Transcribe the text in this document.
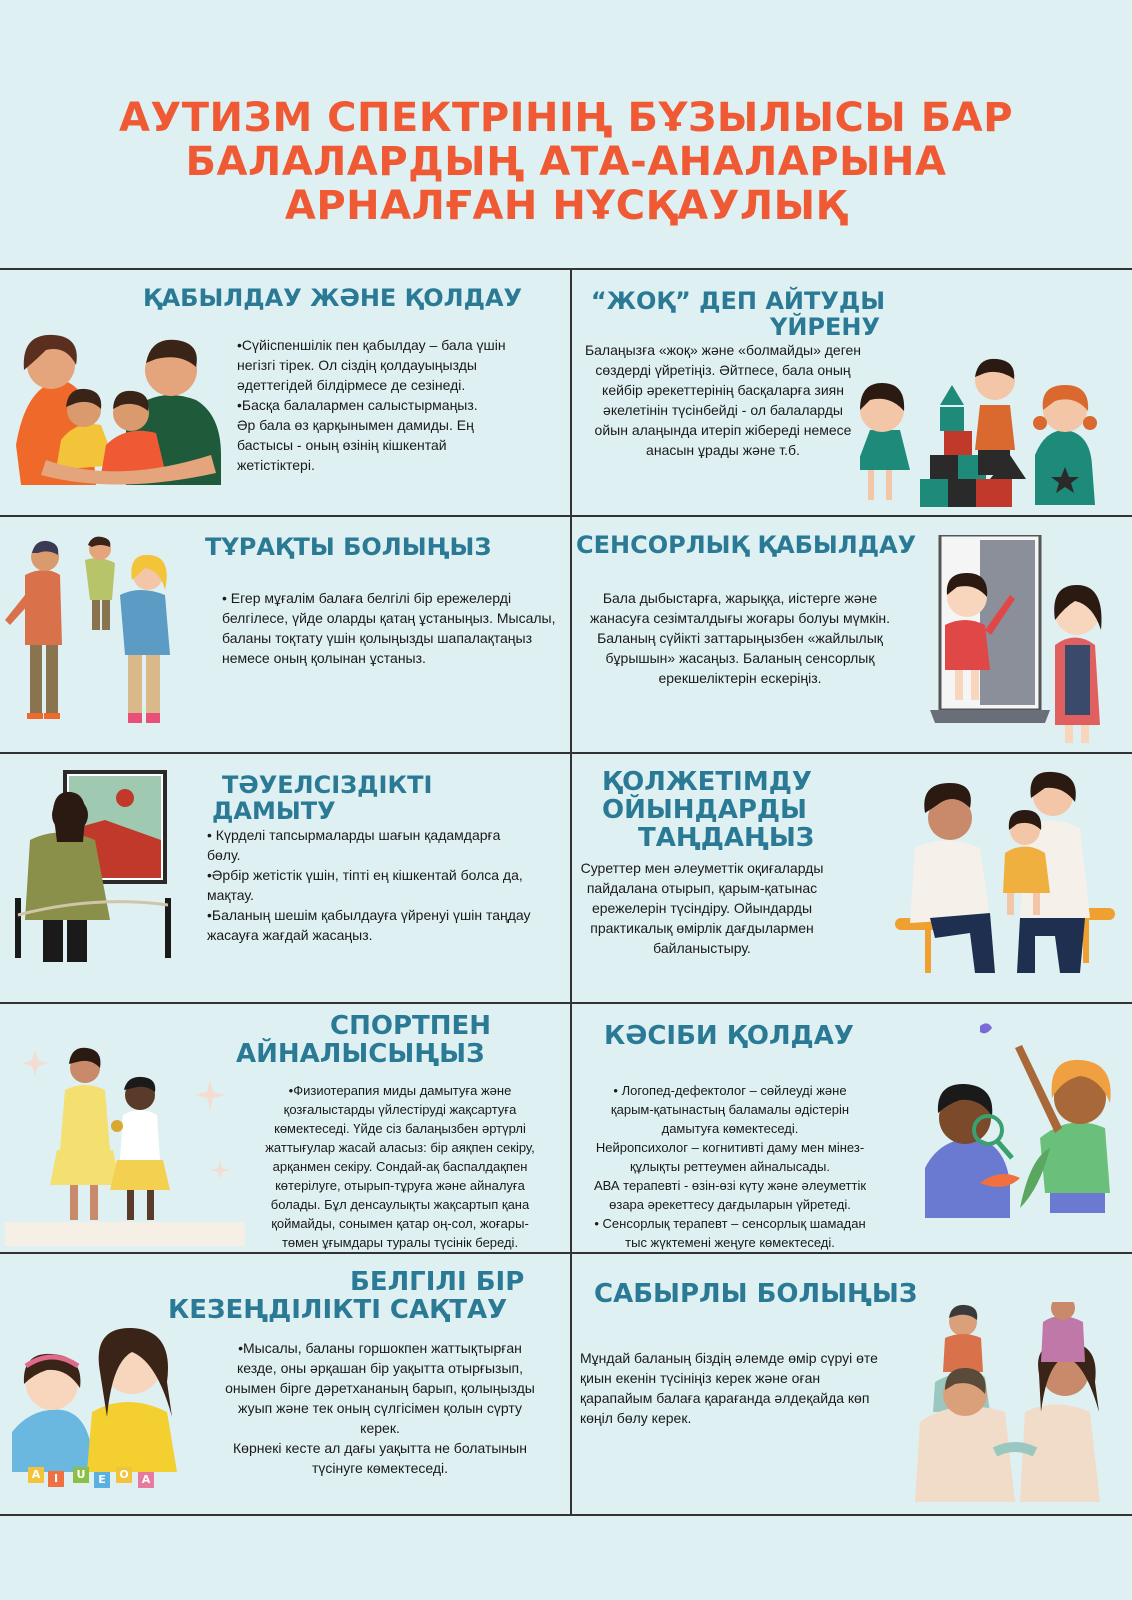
АУТИЗМ СПЕКТРІНІҢ БҰЗЫЛЫСЫ БАР
БАЛАЛАРДЫҢ АТА-АНАЛАРЫНА
АРНАЛҒАН НҰСҚАУЛЫҚ
ҚАБЫЛДАУ ЖӘНЕ ҚОЛДАУ
•Сүйіспеншілік пен қабылдау – бала үшін
негізгі тірек. Ол сіздің қолдауыңызды
әдеттегідей білдірмесе де сезінеді.
•Басқа балалармен салыстырмаңыз.
Әр бала өз қарқынымен дамиды. Ең
бастысы - оның өзінің кішкентай
жетістіктері.
“ЖОҚ” ДЕП АЙТУДЫ
ҮЙРЕНУ
Балаңызға «жоқ» және «болмайды» деген
сөздерді үйретіңіз. Әйтпесе, бала оның
кейбір әрекеттерінің басқаларға зиян
әкелетінін түсінбейді - ол балаларды
ойын алаңында итеріп жібереді немесе
анасын ұрады және т.б.
ТҰРАҚТЫ БОЛЫҢЫЗ
• Егер мұғалім балаға белгілі бір ережелерді
белгілесе, үйде оларды қатаң ұстаныңыз. Мысалы,
баланы тоқтату үшін қолыңызды шапалақтаңыз
немесе оның қолынан ұстаныз.
СЕНСОРЛЫҚ ҚАБЫЛДАУ
Бала дыбыстарға, жарыққа, иістерге және
жанасуға сезімталдығы жоғары болуы мүмкін.
Баланың сүйікті заттарыңызбен «жайлылық
бұрышын» жасаңыз. Баланың сенсорлық
ерекшеліктерін ескеріңіз.
ТӘУЕЛСІЗДІКТІ
ДАМЫТУ
• Күрделі тапсырмаларды шағын қадамдарға
бөлу.
•Әрбір жетістік үшін, тіпті ең кішкентай болса да,
мақтау.
•Баланың шешім қабылдауға үйренуі үшін таңдау
жасауға жағдай жасаңыз.
ҚОЛЖЕТІМДУ
ОЙЫНДАРДЫ
ТАҢДАҢЫЗ
Суреттер мен әлеуметтік оқиғаларды
пайдалана отырып, қарым-қатынас
ережелерін түсіндіру. Ойындарды
практикалық өмірлік дағдылармен
байланыстыру.
СПОРТПЕН
АЙНАЛЫСЫҢЫЗ
•Физиотерапия миды дамытуға және
қозғалыстарды үйлестіруді жақсартуға
көмектеседі. Үйде сіз балаңызбен әртүрлі
жаттығулар жасай аласыз: бір аяқпен секіру,
арқанмен секіру. Сондай-ақ баспалдақпен
көтерілуге, отырып-тұруға және айналуға
болады. Бұл денсаулықты жақсартып қана
қоймайды, сонымен қатар оң-сол, жоғары-
төмен ұғымдары туралы түсінік береді.
КӘСІБИ ҚОЛДАУ
• Логопед-дефектолог – сөйлеуді және
қарым-қатынастың баламалы әдістерін
дамытуға көмектеседі.
Нейропсихолог – когнитивті даму мен мінез-
құлықты реттеумен айналысады.
АВА терапевті - өзін-өзі күту және әлеуметтік
өзара әрекеттесу дағдыларын үйретеді.
• Сенсорлық терапевт – сенсорлық шамадан
тыс жүктемені жеңуге көмектеседі.
БЕЛГІЛІ БІР
КЕЗЕҢДІЛІКТІ САҚТАУ
•Мысалы, баланы горшокпен жаттықтырған
кезде, оны әрқашан бір уақытта отырғызып,
онымен бірге дәретхананың барып, қолыңызды
жуып және тек оның сүлгісімен қолын сүрту
керек.
Көрнекі кесте ал дағы уақытта не болатынын
түсінуге көмектеседі.
A	I	U	E	O	A
САБЫРЛЫ БОЛЫҢЫЗ
Мұндай баланың біздің әлемде өмір сүруі өте
қиын екенін түсініңіз керек және оған
қарапайым балаға қарағанда әлдеқайда көп
көңіл бөлу керек.
